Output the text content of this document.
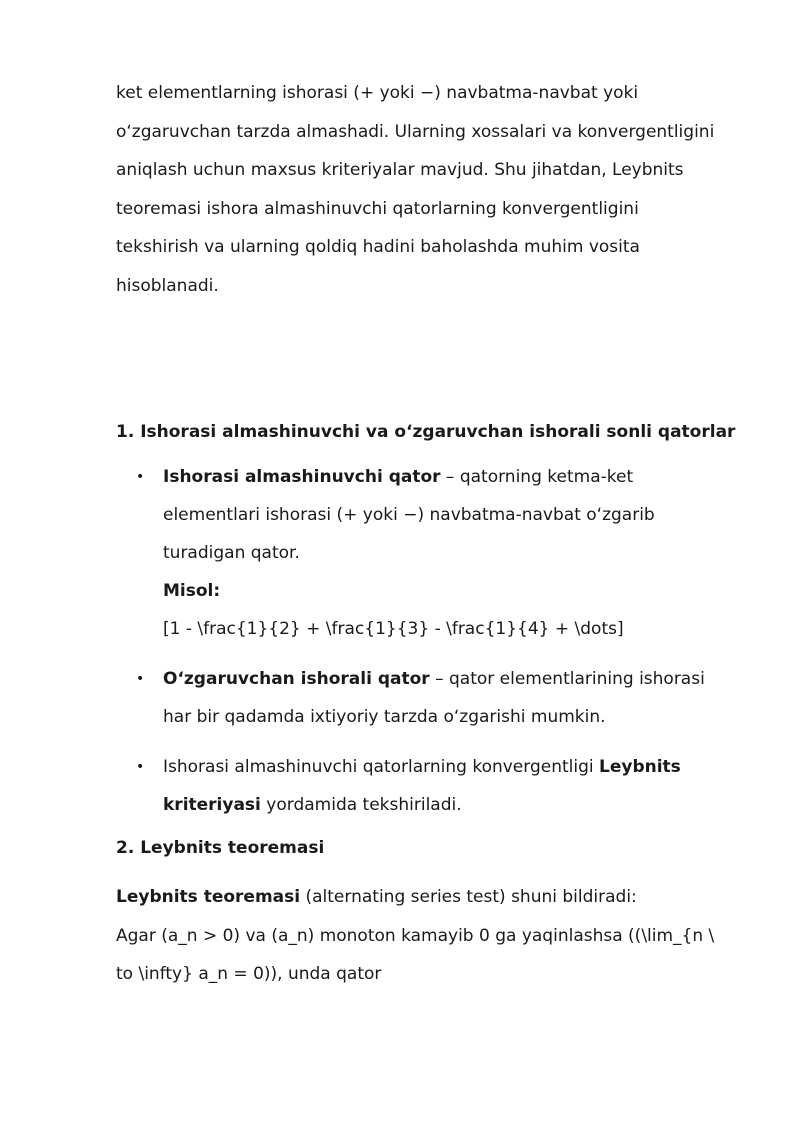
ket elementlarning ishorasi (+ yoki −) navbatma-navbat yoki

o‘zgaruvchan tarzda almashadi. Ularning xossalari va konvergentligini

aniqlash uchun maxsus kriteriyalar mavjud. Shu jihatdan, Leybnits

teoremasi ishora almashinuvchi qatorlarning konvergentligini

tekshirish va ularning qoldiq hadini baholashda muhim vosita

hisoblanadi.

1. Ishorasi almashinuvchi va o‘zgaruvchan ishorali sonli qatorlar
• Ishorasi almashinuvchi qator – qatorning ketma-ket
elementlari ishorasi (+ yoki −) navbatma-navbat o‘zgarib
turadigan qator.
Misol:
[1 - \frac{1}{2} + \frac{1}{3} - \frac{1}{4} + \dots]
• O‘zgaruvchan ishorali qator – qator elementlarining ishorasi
har bir qadamda ixtiyoriy tarzda o‘zgarishi mumkin.
• Ishorasi almashinuvchi qatorlarning konvergentligi Leybnits
kriteriyasi yordamida tekshiriladi.
2. Leybnits teoremasi

Leybnits teoremasi (alternating series test) shuni bildiradi:

Agar (a_n > 0) va (a_n) monoton kamayib 0 ga yaqinlashsa ((\lim_{n \

to \infty} a_n = 0)), unda qator
